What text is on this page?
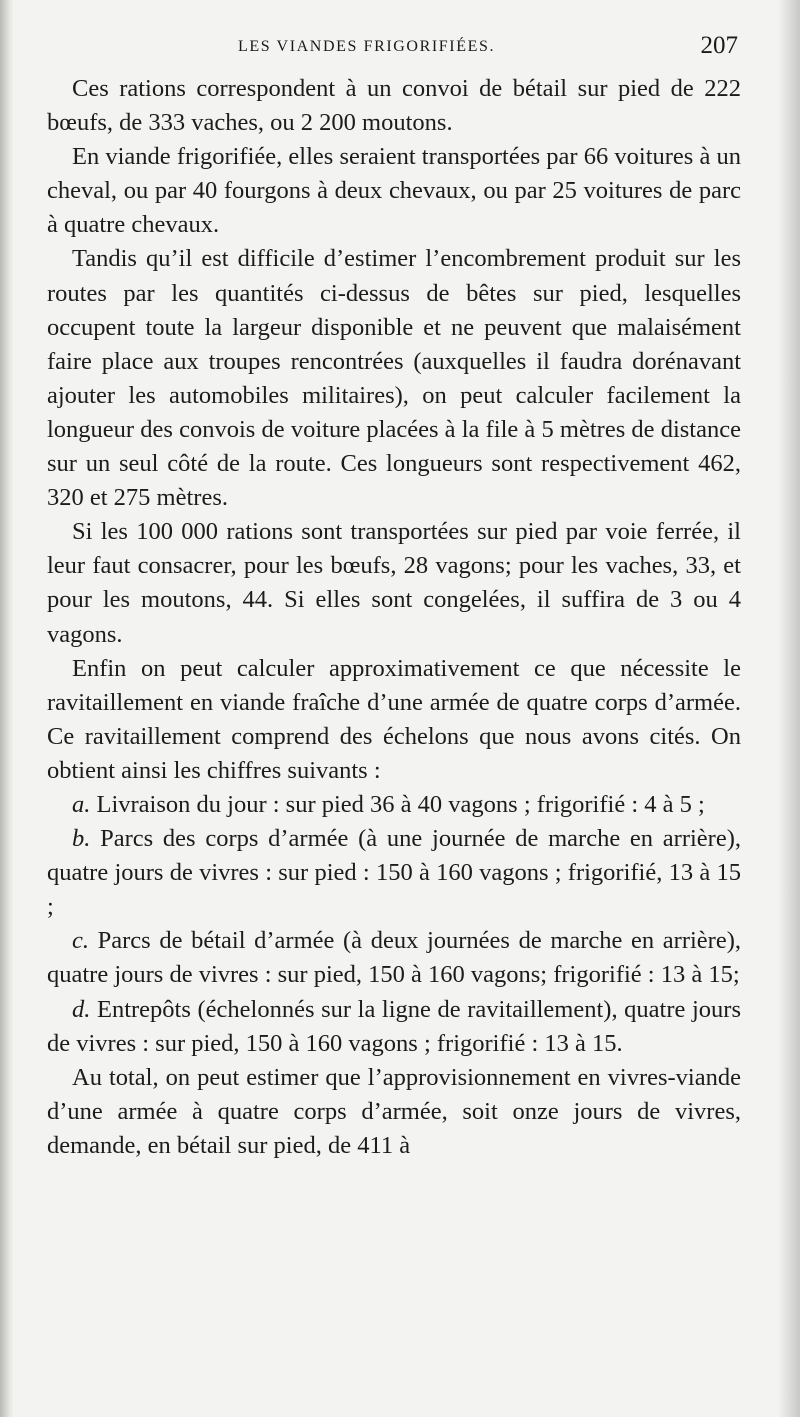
LES VIANDES FRIGORIFIÉES.	207

Ces rations correspondent à un convoi de bétail sur pied de 222 bœufs, de 333 vaches, ou 2 200 moutons.

En viande frigorifiée, elles seraient transportées par 66 voitures à un cheval, ou par 40 fourgons à deux chevaux, ou par 25 voitures de parc à quatre chevaux.

Tandis qu’il est difficile d’estimer l’encombrement produit sur les routes par les quantités ci-dessus de bêtes sur pied, lesquelles occupent toute la largeur disponible et ne peuvent que malaisément faire place aux troupes rencontrées (auxquelles il faudra dorénavant ajouter les automobiles militaires), on peut calculer facilement la longueur des convois de voiture placées à la file à 5 mètres de distance sur un seul côté de la route. Ces longueurs sont respectivement 462, 320 et 275 mètres.

Si les 100 000 rations sont transportées sur pied par voie ferrée, il leur faut consacrer, pour les bœufs, 28 vagons; pour les vaches, 33, et pour les moutons, 44. Si elles sont congelées, il suffira de 3 ou 4 vagons.

Enfin on peut calculer approximativement ce que nécessite le ravitaillement en viande fraîche d’une armée de quatre corps d’armée. Ce ravitaillement comprend des échelons que nous avons cités. On obtient ainsi les chiffres suivants :

a. Livraison du jour : sur pied 36 à 40 vagons ; frigorifié : 4 à 5 ;

b. Parcs des corps d’armée (à une journée de marche en arrière), quatre jours de vivres : sur pied : 150 à 160 vagons ; frigorifié, 13 à 15 ;

c. Parcs de bétail d’armée (à deux journées de marche en arrière), quatre jours de vivres : sur pied, 150 à 160 vagons; frigorifié : 13 à 15;

d. Entrepôts (échelonnés sur la ligne de ravitaillement), quatre jours de vivres : sur pied, 150 à 160 vagons ; frigorifié : 13 à 15.

Au total, on peut estimer que l’approvisionnement en vivres-viande d’une armée à quatre corps d’armée, soit onze jours de vivres, demande, en bétail sur pied, de 411 à
